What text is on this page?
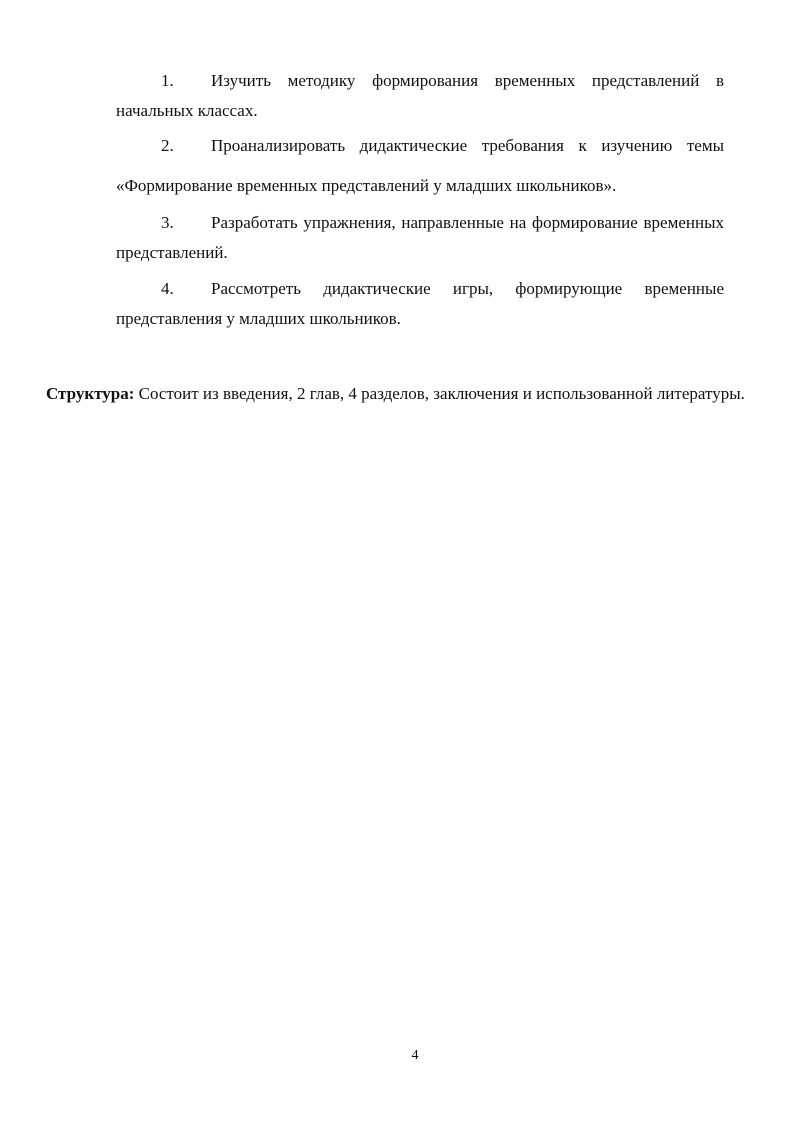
1. Изучить методику формирования временных представлений в начальных классах.
2. Проанализировать дидактические требования к изучению темы «Формирование временных представлений у младших школьников».
3. Разработать упражнения, направленные на формирование временных представлений.
4. Рассмотреть дидактические игры, формирующие временные представления у младших школьников.

Структура: Состоит из введения, 2 глав, 4 разделов, заключения и использованной литературы.

4
